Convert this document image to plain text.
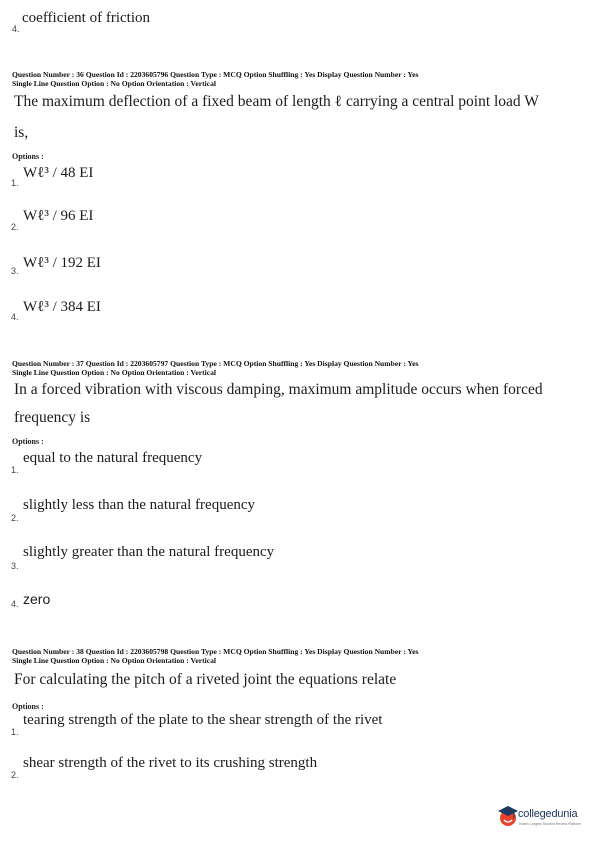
4.
coefficient of friction
Question Number : 36 Question Id : 2203605796 Question Type : MCQ Option Shuffling : Yes Display Question Number : Yes
Single Line Question Option : No Option Orientation : Vertical
The maximum deflection of a fixed beam of length ℓ carrying a central point load W
is,
Options :
1.
Wℓ³ / 48 EI
2.
Wℓ³ / 96 EI
3. Wℓ³ / 192 EI
4.
Wℓ³ / 384 EI
Question Number : 37 Question Id : 2203605797 Question Type : MCQ Option Shuffling : Yes Display Question Number : Yes
Single Line Question Option : No Option Orientation : Vertical
In a forced vibration with viscous damping, maximum amplitude occurs when forced
frequency is
Options :
1.
equal to the natural frequency
2.
slightly less than the natural frequency
3.
slightly greater than the natural frequency
4. zero
Question Number : 38 Question Id : 2203605798 Question Type : MCQ Option Shuffling : Yes Display Question Number : Yes
Single Line Question Option : No Option Orientation : Vertical
For calculating the pitch of a riveted joint the equations relate
Options :
1.
tearing strength of the plate to the shear strength of the rivet
2.
shear strength of the rivet to its crushing strength
collegedunia
India's Largest Student Review Platform
